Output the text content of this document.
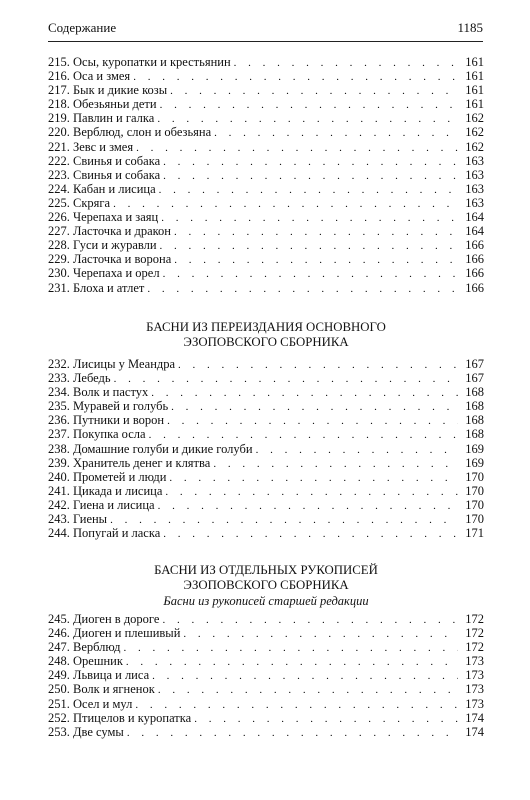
Содержание	1185
215. Осы, куропатки и крестьянин . . .	161
216. Оса и змея . . .	161
217. Бык и дикие козы . . .	161
218. Обезьяньи дети . . .	161
219. Павлин и галка . . .	162
220. Верблюд, слон и обезьяна . . .	162
221. Зевс и змея . . .	162
222. Свинья и собака . . .	163
223. Свинья и собака . . .	163
224. Кабан и лисица . . .	163
225. Скряга . . .	163
226. Черепаха и заяц . . .	164
227. Ласточка и дракон . . .	164
228. Гуси и журавли . . .	166
229. Ласточка и ворона . . .	166
230. Черепаха и орел . . .	166
231. Блоха и атлет . . .	166
БАСНИ ИЗ ПЕРЕИЗДАНИЯ ОСНОВНОГО
ЭЗОПОВСКОГО СБОРНИКА
232. Лисицы у Меандра . . .	167
233. Лебедь . . .	167
234. Волк и пастух . . .	168
235. Муравей и голубь . . .	168
236. Путники и ворон . . .	168
237. Покупка осла . . .	168
238. Домашние голуби и дикие голуби . . .	169
239. Хранитель денег и клятва . . .	169
240. Прометей и люди . . .	170
241. Цикада и лисица . . .	170
242. Гиена и лисица . . .	170
243. Гиены . . .	170
244. Попугай и ласка . . .	171
БАСНИ ИЗ ОТДЕЛЬНЫХ РУКОПИСЕЙ
ЭЗОПОВСКОГО СБОРНИКА
Басни из рукописей старшей редакции
245. Диоген в дороге . . .	172
246. Диоген и плешивый . . .	172
247. Верблюд . . .	172
248. Орешник . . .	173
249. Львица и лиса . . .	173
250. Волк и ягненок . . .	173
251. Осел и мул . . .	173
252. Птицелов и куропатка . . .	174
253. Две сумы . . .	174
